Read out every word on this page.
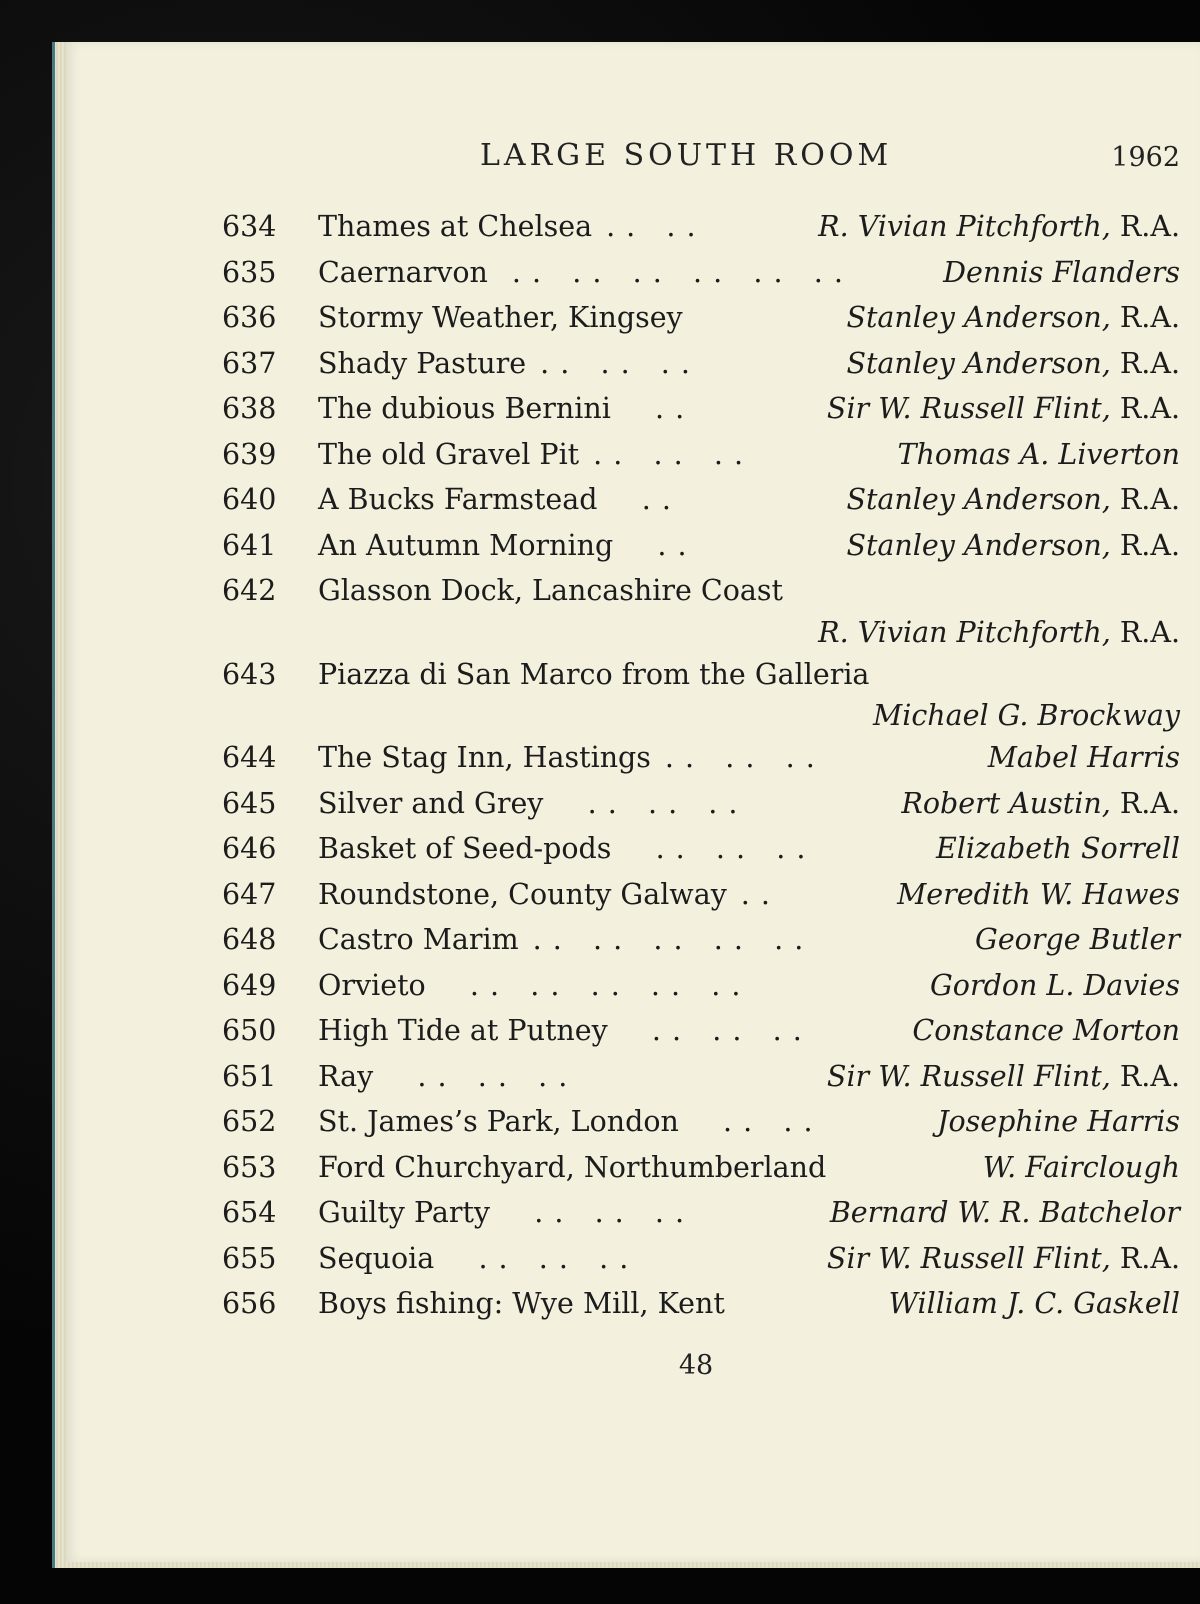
LARGE SOUTH ROOM	1962
634	Thames at Chelsea . .   . .	R. Vivian Pitchforth, R.A.
635	Caernarvon . .   . .   . .   . .   . .   . .	Dennis Flanders
636	Stormy Weather, Kingsey	Stanley Anderson, R.A.
637	Shady Pasture . .   . .   . .	Stanley Anderson, R.A.
638	The dubious Bernini . .	Sir W. Russell Flint, R.A.
639	The old Gravel Pit . .   . .   . .	Thomas A. Liverton
640	A Bucks Farmstead . .	Stanley Anderson, R.A.
641	An Autumn Morning . .	Stanley Anderson, R.A.
642	Glasson Dock, Lancashire Coast
R. Vivian Pitchforth, R.A.
643	Piazza di San Marco from the Galleria
Michael G. Brockway
644	The Stag Inn, Hastings . .   . .   . .	Mabel Harris
645	Silver and Grey . .   . .   . .	Robert Austin, R.A.
646	Basket of Seed-pods . .   . .   . .	Elizabeth Sorrell
647	Roundstone, County Galway . .	Meredith W. Hawes
648	Castro Marim . .   . .   . .   . .   . .	George Butler
649	Orvieto . .   . .   . .   . .   . .	Gordon L. Davies
650	High Tide at Putney . .   . .   . .	Constance Morton
651	Ray . .   . .   . .	Sir W. Russell Flint, R.A.
652	St. James’s Park, London . .   . .	Josephine Harris
653	Ford Churchyard, Northumberland	W. Fairclough
654	Guilty Party . .   . .   . .	Bernard W. R. Batchelor
655	Sequoia . .   . .   . .	Sir W. Russell Flint, R.A.
656	Boys fishing: Wye Mill, Kent	William J. C. Gaskell
48
